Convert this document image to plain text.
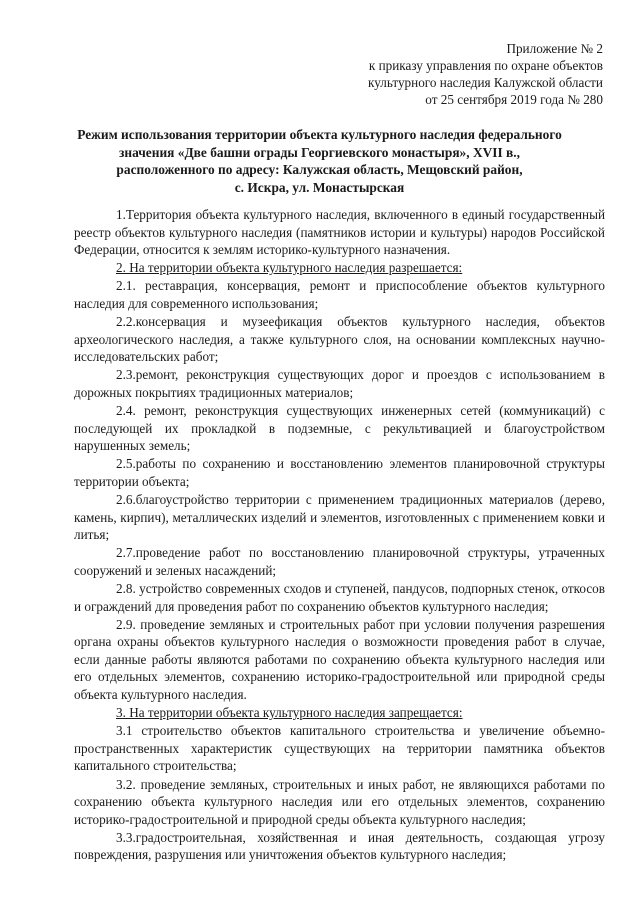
Приложение № 2
к приказу управления по охране объектов
культурного наследия Калужской области
от 25 сентября 2019 года № 280
Режим использования территории объекта культурного наследия федерального
значения «Две башни ограды Георгиевского монастыря», XVII в.,
расположенного по адресу: Калужская область, Мещовский район,
с. Искра, ул. Монастырская

1.Территория объекта культурного наследия, включенного в единый государственный реестр объектов культурного наследия (памятников истории и культуры) народов Российской Федерации, относится к землям историко-культурного назначения.

2. На территории объекта культурного наследия разрешается:

2.1. реставрация, консервация, ремонт и приспособление объектов культурного наследия для современного использования;

2.2.консервация и музеефикация объектов культурного наследия, объектов археологического наследия, а также культурного слоя, на основании комплексных научно-исследовательских работ;

2.3.ремонт, реконструкция существующих дорог и проездов с использованием в дорожных покрытиях традиционных материалов;

2.4. ремонт, реконструкция существующих инженерных сетей (коммуникаций) с последующей их прокладкой в подземные, с рекультивацией и благоустройством нарушенных земель;

2.5.работы по сохранению и восстановлению элементов планировочной структуры территории объекта;

2.6.благоустройство территории с применением традиционных материалов (дерево, камень, кирпич), металлических изделий и элементов, изготовленных с применением ковки и литья;

2.7.проведение работ по восстановлению планировочной структуры, утраченных сооружений и зеленых насаждений;

2.8. устройство современных сходов и ступеней, пандусов, подпорных стенок, откосов и ограждений для проведения работ по сохранению объектов культурного наследия;

2.9. проведение земляных и строительных работ при условии получения разрешения органа охраны объектов культурного наследия о возможности проведения работ в случае, если данные работы являются работами по сохранению объекта культурного наследия или его отдельных элементов, сохранению историко-градостроительной или природной среды объекта культурного наследия.

3. На территории объекта культурного наследия запрещается:

3.1 строительство объектов капитального строительства и увеличение объемно-пространственных характеристик существующих на территории памятника объектов капитального строительства;

3.2. проведение земляных, строительных и иных работ, не являющихся работами по сохранению объекта культурного наследия или его отдельных элементов, сохранению историко-градостроительной и природной среды объекта культурного наследия;

3.3.градостроительная, хозяйственная и иная деятельность, создающая угрозу повреждения, разрушения или уничтожения объектов культурного наследия;
